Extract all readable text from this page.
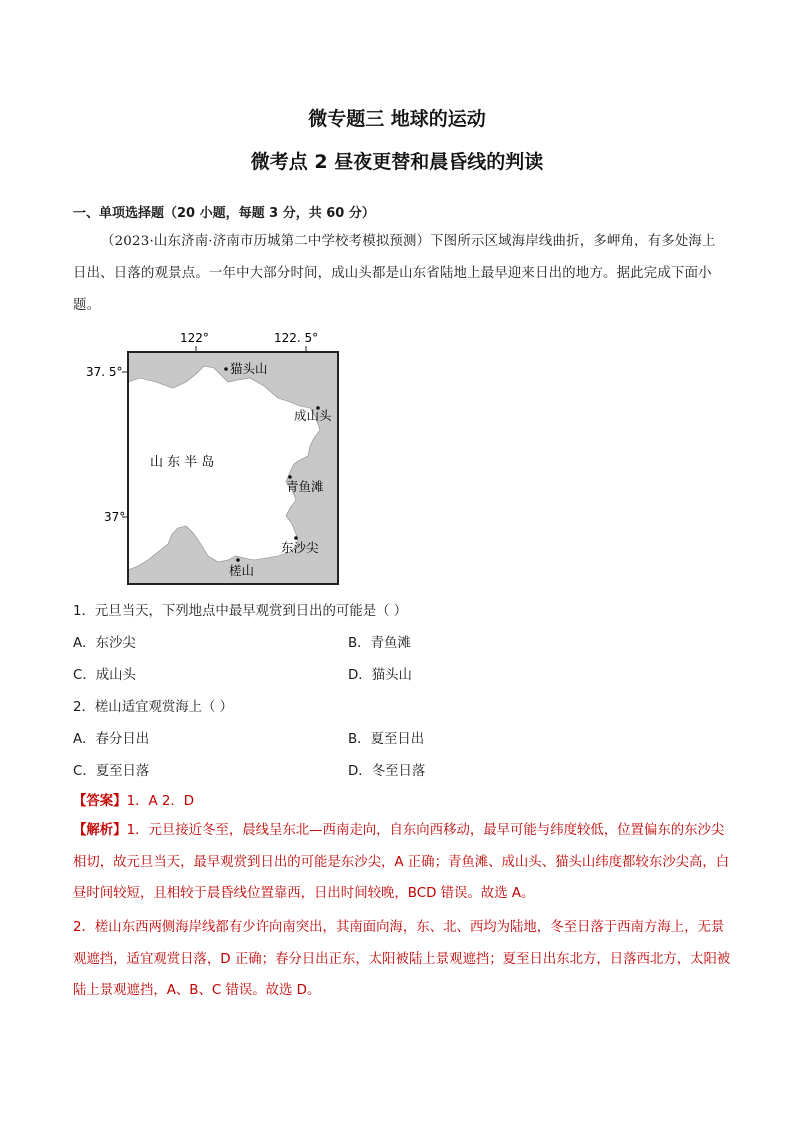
微专题三 地球的运动
微考点 2 昼夜更替和晨昏线的判读
一、单项选择题（20 小题，每题 3 分，共 60 分）
（2023·山东济南·济南市历城第二中学校考模拟预测）下图所示区域海岸线曲折，多岬角，有多处海上日出、日落的观景点。一年中大部分时间，成山头都是山东省陆地上最早迎来日出的地方。据此完成下面小题。
122°	122. 5°
37. 5°
37°
山 东 半 岛
猫头山
成山头
青鱼滩
东沙尖
槎山
1．元旦当天，下列地点中最早观赏到日出的可能是（ ）
A．东沙尖	B．青鱼滩
C．成山头	D．猫头山
2．槎山适宜观赏海上（ ）
A．春分日出	B．夏至日出
C．夏至日落	D．冬至日落
【答案】1．A 2．D
【解析】1．元旦接近冬至，晨线呈东北—西南走向，自东向西移动，最早可能与纬度较低，位置偏东的东沙尖相切，故元旦当天，最早观赏到日出的可能是东沙尖，A 正确；青鱼滩、成山头、猫头山纬度都较东沙尖高，白昼时间较短，且相较于晨昏线位置靠西，日出时间较晚，BCD 错误。故选 A。
2．槎山东西两侧海岸线都有少许向南突出，其南面向海，东、北、西均为陆地，冬至日落于西南方海上，无景观遮挡，适宜观赏日落，D 正确；春分日出正东，太阳被陆上景观遮挡；夏至日出东北方，日落西北方，太阳被陆上景观遮挡，A、B、C 错误。故选 D。
